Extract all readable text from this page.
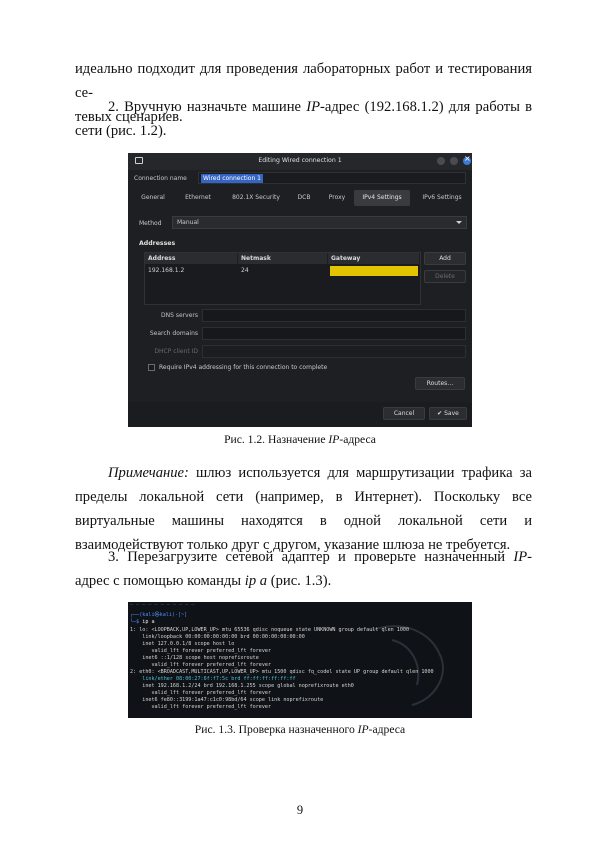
идеально подходит для проведения лабораторных работ и тестирования се-
тевых сценариев.
2. Вручную назначьте машине IP-адрес (192.168.1.2) для работы в сети (рис. 1.2).
Editing Wired connection 1
×
Connection name	Wired connection 1
General	Ethernet	802.1X Security	DCB	Proxy	IPv4 Settings	IPv6 Settings
Method	Manual
Addresses
Address	Netmask	Gateway
192.168.1.2	24
Add
Delete
DNS servers
Search domains
DHCP client ID
Require IPv4 addressing for this connection to complete
Routes…
Cancel	✔ Save
Рис. 1.2. Назначение IP-адреса
Примечание: шлюз используется для маршрутизации трафика за пределы локальной сети (например, в Интернет). Поскольку все виртуальные машины находятся в одной локальной сети и взаимодействуют только друг с другом, указание шлюза не требуется.
3. Перезагрузите сетевой адаптер и проверьте назначенный IP-адрес с помощью команды ip a (рис. 1.3).
─ ─ ─ ─ ─ ─ ─ ─ ─ ─ ─
┌──(kali㉿kali)-[~]
└─$ ip a
1: lo: <LOOPBACK,UP,LOWER_UP> mtu 65536 qdisc noqueue state UNKNOWN group default qlen 1000
link/loopback 00:00:00:00:00:00 brd 00:00:00:00:00:00
inet 127.0.0.1/8 scope host lo
valid_lft forever preferred_lft forever
inet6 ::1/128 scope host noprefixroute
valid_lft forever preferred_lft forever
2: eth0: <BROADCAST,MULTICAST,UP,LOWER_UP> mtu 1500 qdisc fq_codel state UP group default qlen 1000
link/ether 08:00:27:6f:f7:5c brd ff:ff:ff:ff:ff:ff
inet 192.168.1.2/24 brd 192.168.1.255 scope global noprefixroute eth0
valid_lft forever preferred_lft forever
inet6 fe80::3199:1a47:c1c0:98bd/64 scope link noprefixroute
valid_lft forever preferred_lft forever
Рис. 1.3. Проверка назначенного IP-адреса
9
